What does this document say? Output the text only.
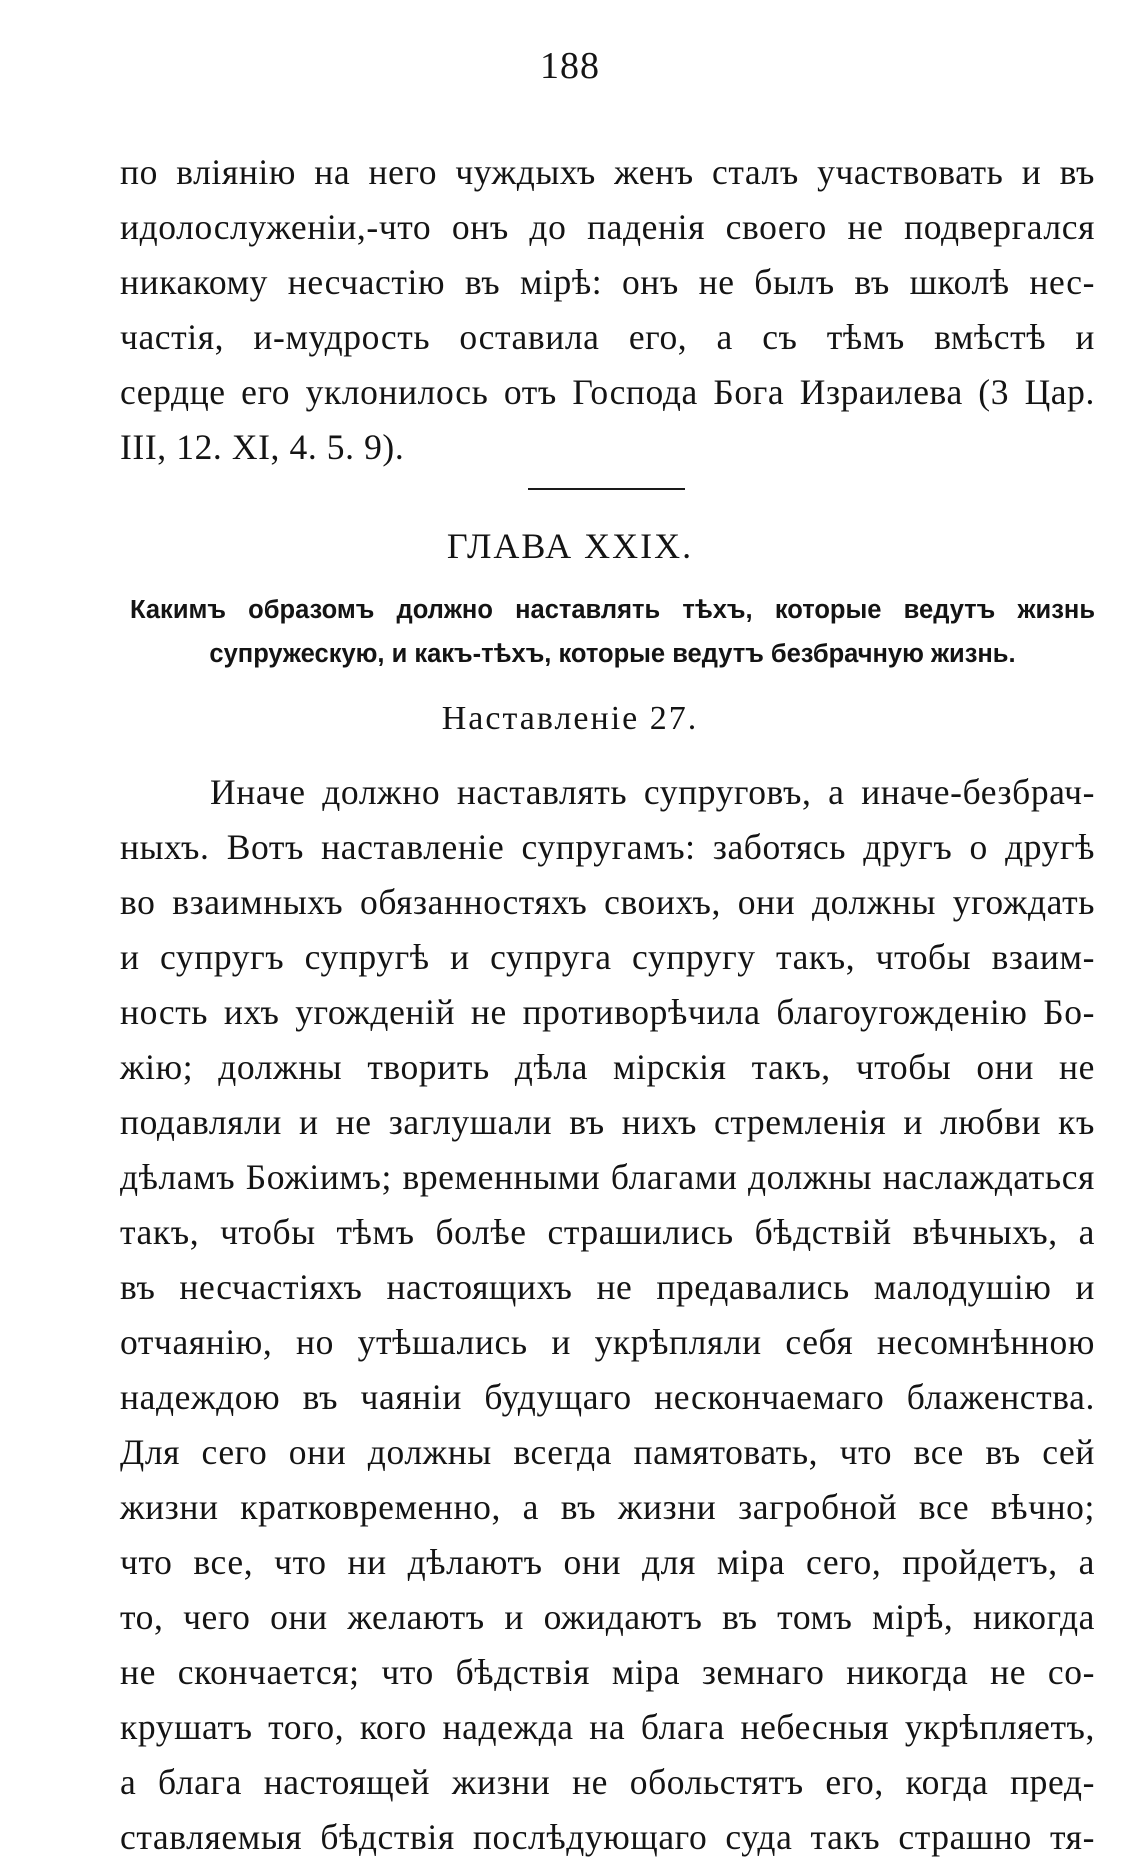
188
по влiянiю на него чуждыхъ женъ сталъ участвовать и въ
идолослуженiи,-что онъ до паденiя своего не подвергался
никакому несчастiю въ мiрѣ: онъ не былъ въ школѣ нес-
частiя, и-мудрость оставила его, а съ тѣмъ вмѣстѣ и
сердце его уклонилось отъ Господа Бога Израилева (3 Цар.
III, 12. XI, 4. 5. 9).
ГЛАВА XXIX.
Какимъ образомъ должно наставлять тѣхъ, которые ведутъ жизнь
супружескую, и какъ-тѣхъ, которые ведутъ безбрачную жизнь.
Наставленiе 27.
Иначе должно наставлять супруговъ, а иначе-безбрач-
ныхъ. Вотъ наставленiе супругамъ: заботясь другъ о другѣ
во взаимныхъ обязанностяхъ своихъ, они должны угождать
и супругъ супругѣ и супруга супругу такъ, чтобы взаим-
ность ихъ угожденiй не противорѣчила благоугожденiю Бо-
жiю; должны творить дѣла мiрскiя такъ, чтобы они не
подавляли и не заглушали въ нихъ стремленiя и любви къ
дѣламъ Божiимъ; временными благами должны наслаждаться
такъ, чтобы тѣмъ болѣе страшились бѣдствiй вѣчныхъ, а
въ несчастiяхъ настоящихъ не предавались малодушiю и
отчаянiю, но утѣшались и укрѣпляли себя несомнѣнною
надеждою въ чаянiи будущаго нескончаемаго блаженства.
Для сего они должны всегда памятовать, что все въ сей
жизни кратковременно, а въ жизни загробной все вѣчно;
что все, что ни дѣлаютъ они для мiра сего, пройдетъ, а
то, чего они желаютъ и ожидаютъ въ томъ мiрѣ, никогда
не скончается; что бѣдствiя мiра земнаго никогда не со-
крушатъ того, кого надежда на блага небесныя укрѣпляетъ,
а блага настоящей жизни не обольстятъ его, когда пред-
ставляемыя бѣдствiя послѣдующаго суда такъ страшно тя-
